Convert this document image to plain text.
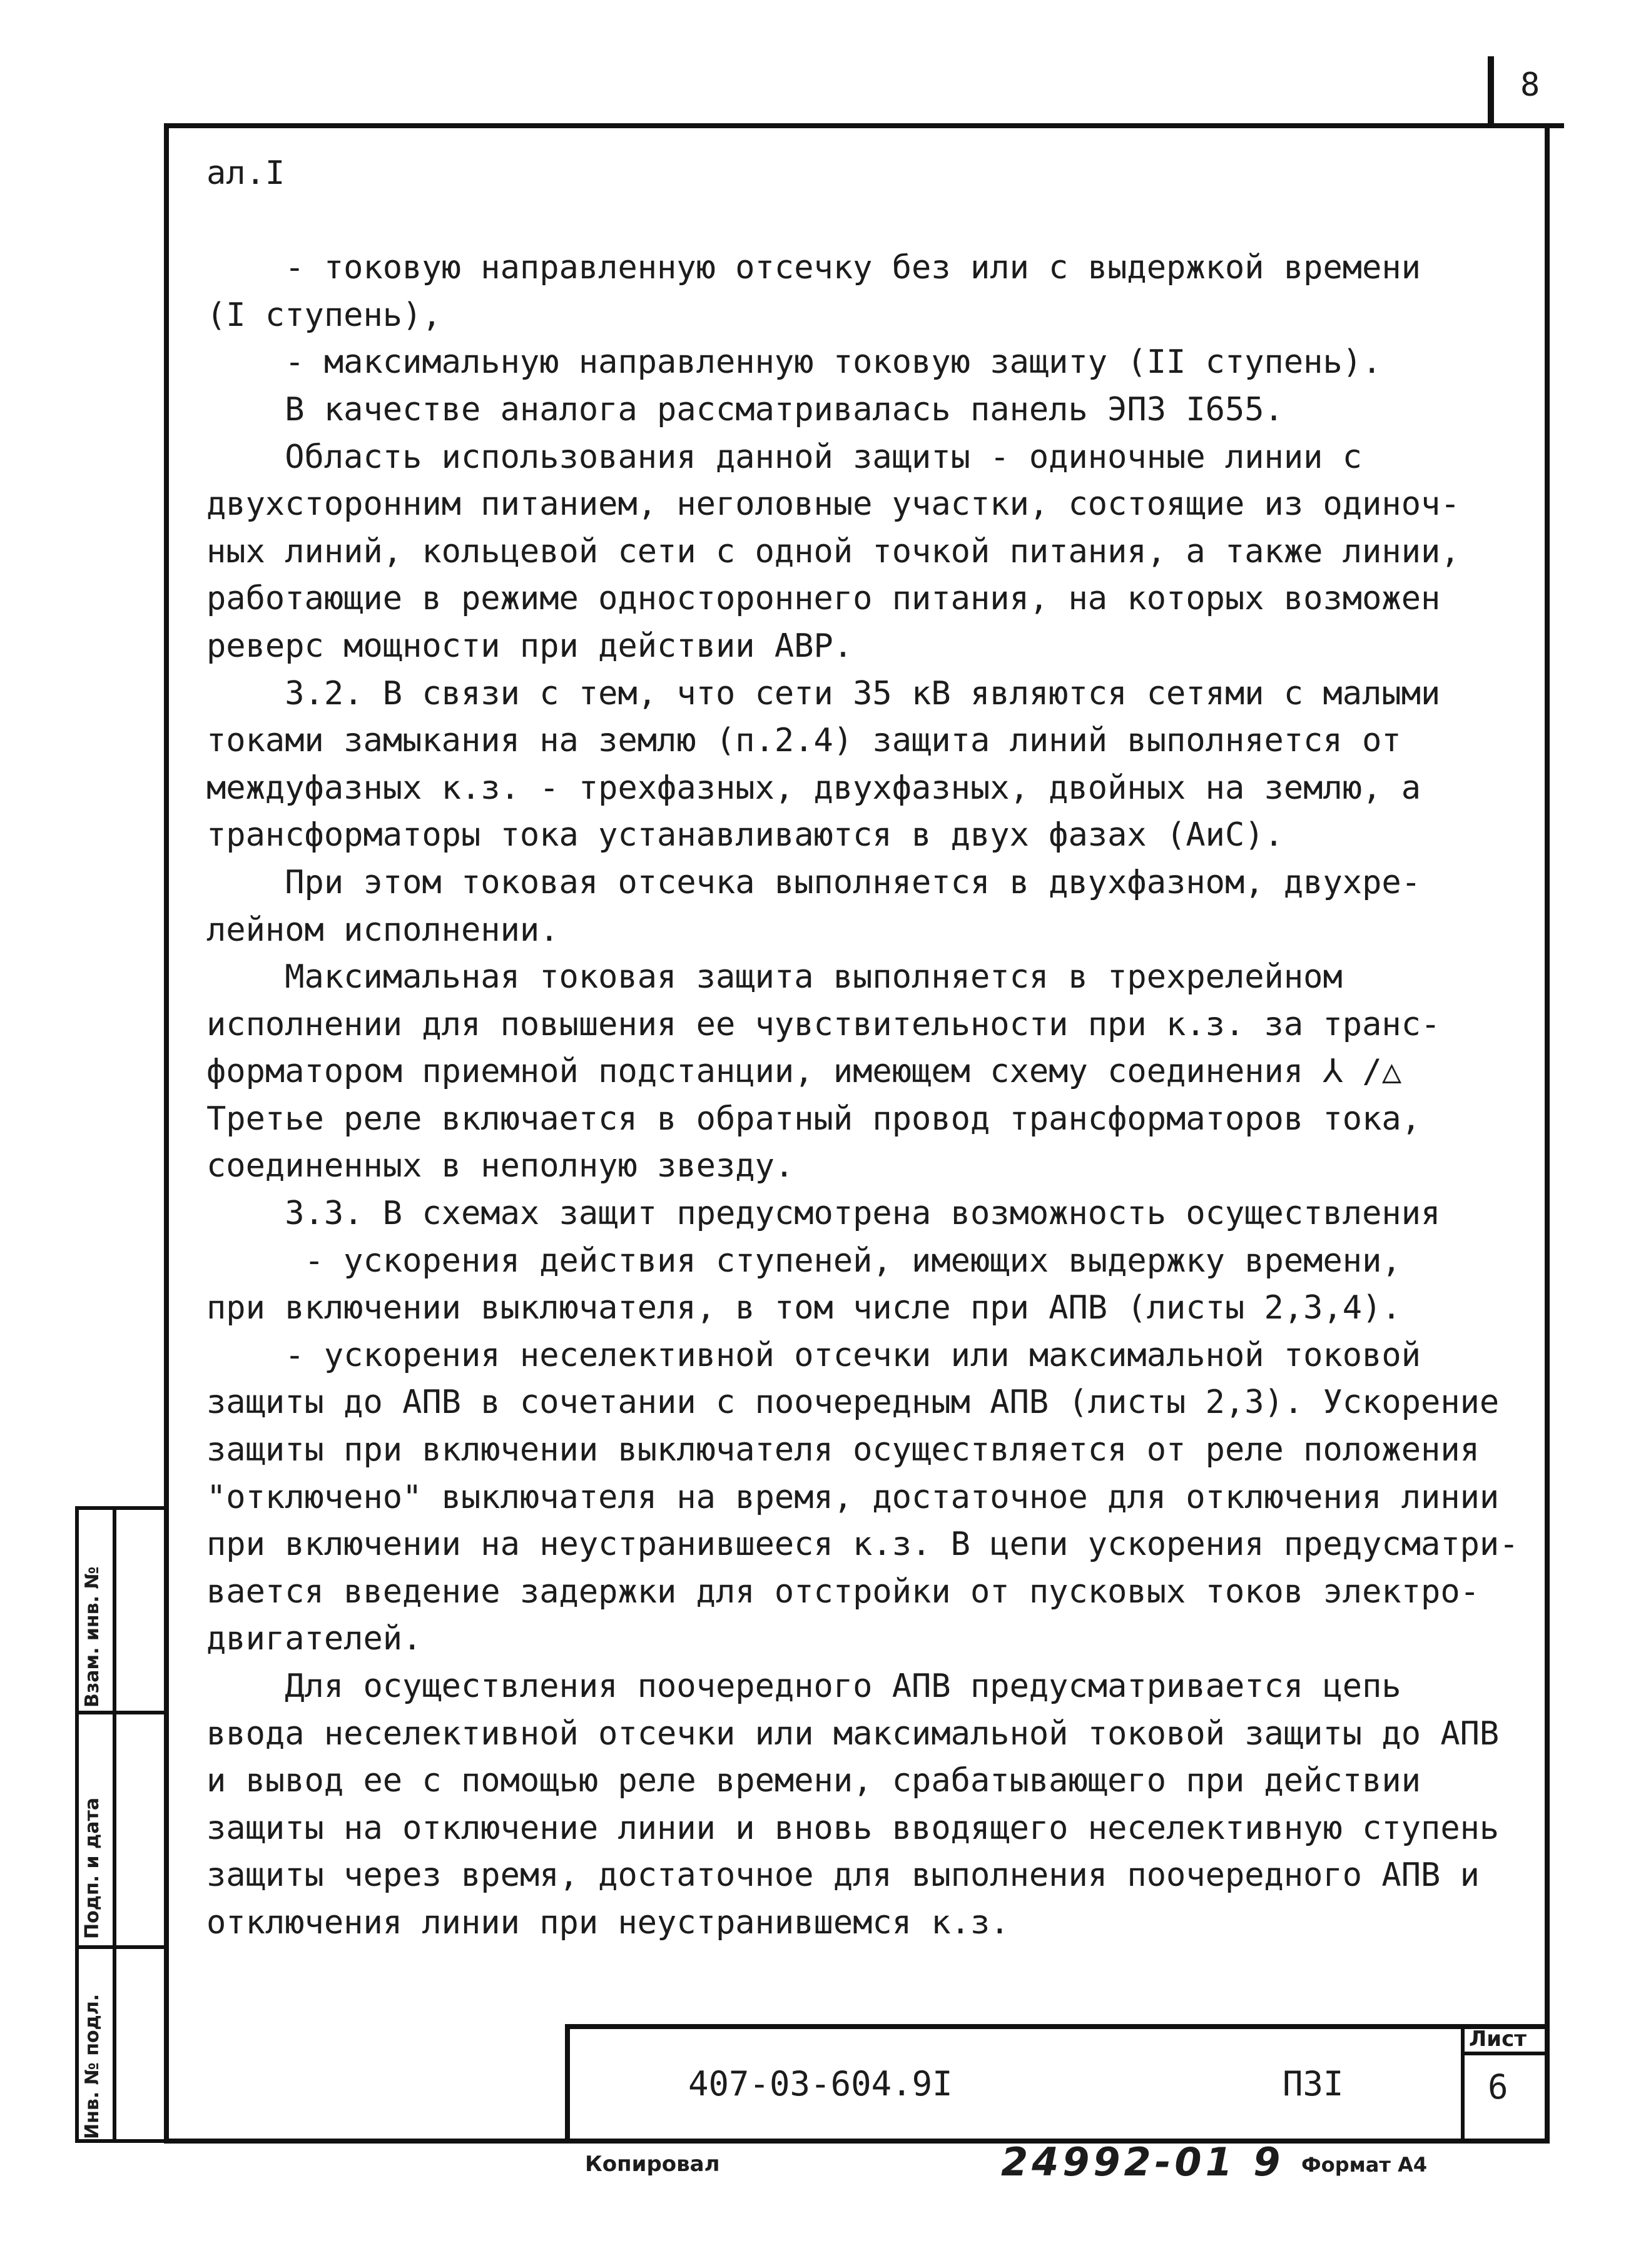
8
ал.I
- токовую направленную отсечку без или с выдержкой времени
(I ступень),
- максимальную направленную токовую защиту (II ступень).
В качестве аналога рассматривалась панель ЭПЗ I655.
Область использования данной защиты - одиночные линии с
двухсторонним питанием, неголовные участки, состоящие из одиноч-
ных линий, кольцевой сети с одной точкой питания, а также линии,
работающие в режиме одностороннего питания, на которых возможен
реверс мощности при действии АВР.
3.2. В связи с тем, что сети 35 кВ являются сетями с малыми
токами замыкания на землю (п.2.4) защита линий выполняется от
междуфазных к.з. - трехфазных, двухфазных, двойных на землю, а
трансформаторы тока устанавливаются в двух фазах (АиС).
При этом токовая отсечка выполняется в двухфазном, двухре-
лейном исполнении.
Максимальная токовая защита выполняется в трехрелейном
исполнении для повышения ее чувствительности при к.з. за транс-
форматором приемной подстанции, имеющем схему соединения ⅄ /△
Третье реле включается в обратный провод трансформаторов тока,
соединенных в неполную звезду.
3.3. В схемах защит предусмотрена возможность осуществления
- ускорения действия ступеней, имеющих выдержку времени,
при включении выключателя, в том числе при АПВ (листы 2,3,4).
- ускорения неселективной отсечки или максимальной токовой
защиты до АПВ в сочетании с поочередным АПВ (листы 2,3). Ускорение
защиты при включении выключателя осуществляется от реле положения
"отключено" выключателя на время, достаточное для отключения линии
при включении на неустранившееся к.з. В цепи ускорения предусматри-
вается введение задержки для отстройки от пусковых токов электро-
двигателей.
Для осуществления поочередного АПВ предусматривается цепь
ввода неселективной отсечки или максимальной токовой защиты до АПВ
и вывод ее с помощью реле времени, срабатывающего при действии
защиты на отключение линии и вновь вводящего неселективную ступень
защиты через время, достаточное для выполнения поочередного АПВ и
отключения линии при неустранившемся к.з.
Взам. инв. №
Подп. и дата
Инв. № подл.	407-03-604.9I	ПЗI
Лист
6
Копировал	24992-01 9 Формат А4
